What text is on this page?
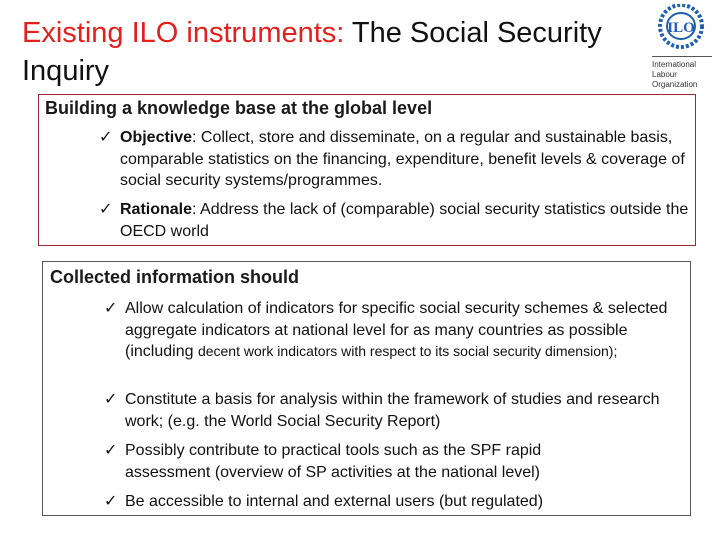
Existing ILO instruments: The Social Security Inquiry
ILO
International
Labour
Organization
Building a knowledge base at the global level
✓ Objective: Collect, store and disseminate, on a regular and sustainable basis, comparable statistics on the financing, expenditure, benefit levels & coverage of social security systems/programmes.
✓ Rationale: Address the lack of (comparable) social security statistics outside the OECD world
Collected information should
✓ Allow calculation of indicators for specific social security schemes & selected aggregate indicators at national level for as many countries as possible (including decent work indicators with respect to its social security dimension);
✓ Constitute a basis for analysis within the framework of studies and research work; (e.g. the World Social Security Report)
✓ Possibly contribute to practical tools such as the SPF rapid assessment (overview of SP activities at the national level)
✓ Be accessible to internal and external users (but regulated)
